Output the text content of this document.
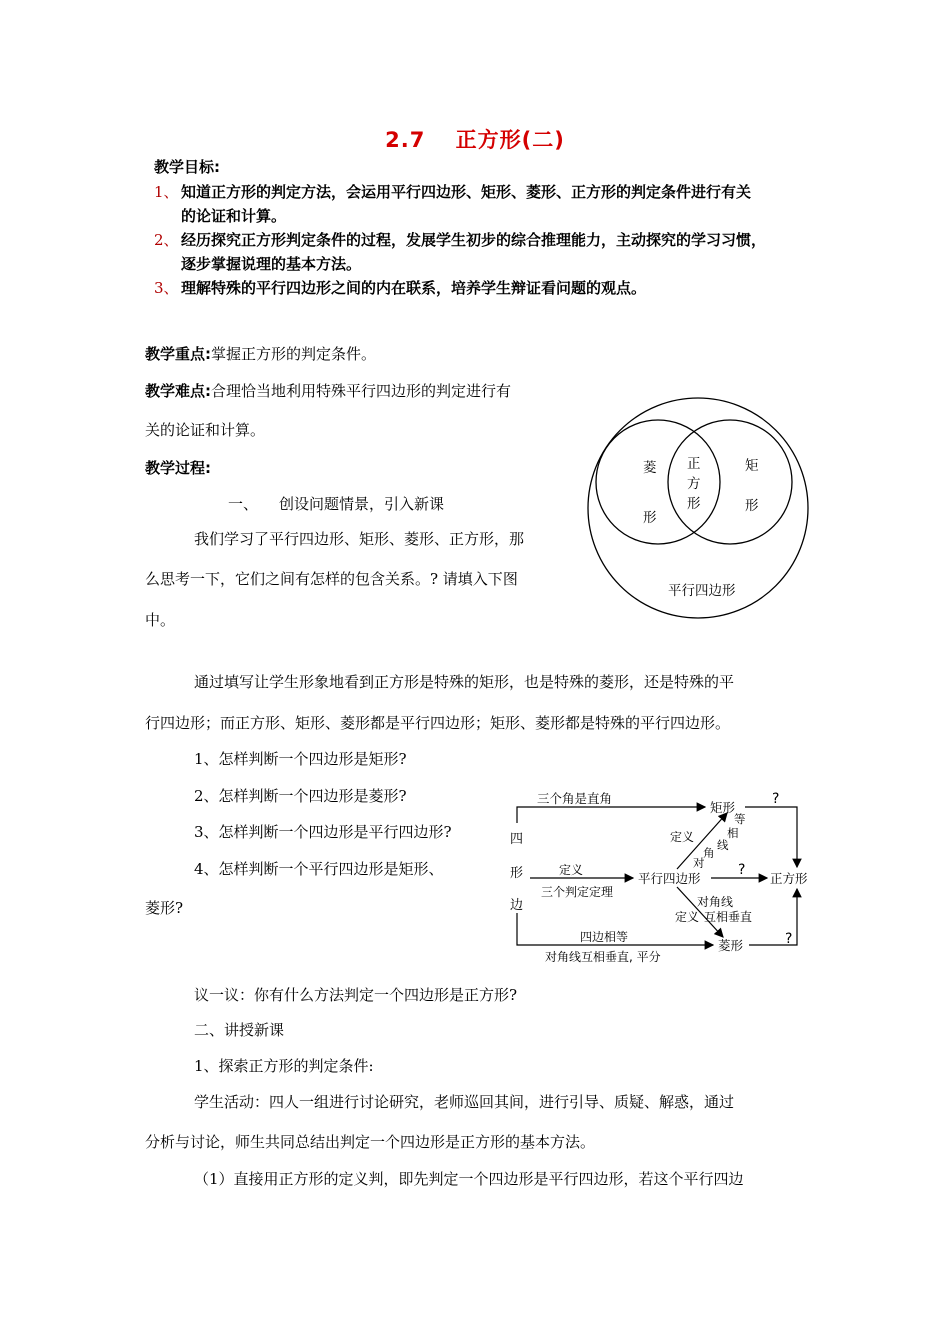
2.7　 正方形(二)
教学目标:
1、 知道正方形的判定方法，会运用平行四边形、矩形、菱形、正方形的判定条件进行有关
的论证和计算。
2、 经历探究正方形判定条件的过程，发展学生初步的综合推理能力，主动探究的学习习惯，
逐步掌握说理的基本方法。
3、 理解特殊的平行四边形之间的内在联系，培养学生辩证看问题的观点。
教学重点:掌握正方形的判定条件。
教学难点:合理恰当地利用特殊平行四边形的判定进行有
关的论证和计算。
教学过程:
一、 创设问题情景，引入新课
我们学习了平行四边形、矩形、菱形、正方形，那
么思考一下，它们之间有怎样的包含关系。? 请填入下图
中。
菱
形
矩
形
正
方
形
平行四边形
通过填写让学生形象地看到正方形是特殊的矩形，也是特殊的菱形，还是特殊的平
行四边形；而正方形、矩形、菱形都是平行四边形；矩形、菱形都是特殊的平行四边形。
1、怎样判断一个四边形是矩形?
2、怎样判断一个四边形是菱形?
3、怎样判断一个四边形是平行四边形?
4、怎样判断一个平行四边形是矩形、
菱形?
四
形
边
三个角是直角
矩形
平行四边形	正方形
菱形
定义
定义
定义
三个判定定理
等
相
线
角
对
对角线
互相垂直
四边相等
对角线互相垂直, 平分
?
?
?
议一议：你有什么方法判定一个四边形是正方形?
二、讲授新课
1、探索正方形的判定条件:
学生活动：四人一组进行讨论研究，老师巡回其间，进行引导、质疑、解惑，通过
分析与讨论，师生共同总结出判定一个四边形是正方形的基本方法。
（1）直接用正方形的定义判，即先判定一个四边形是平行四边形，若这个平行四边
